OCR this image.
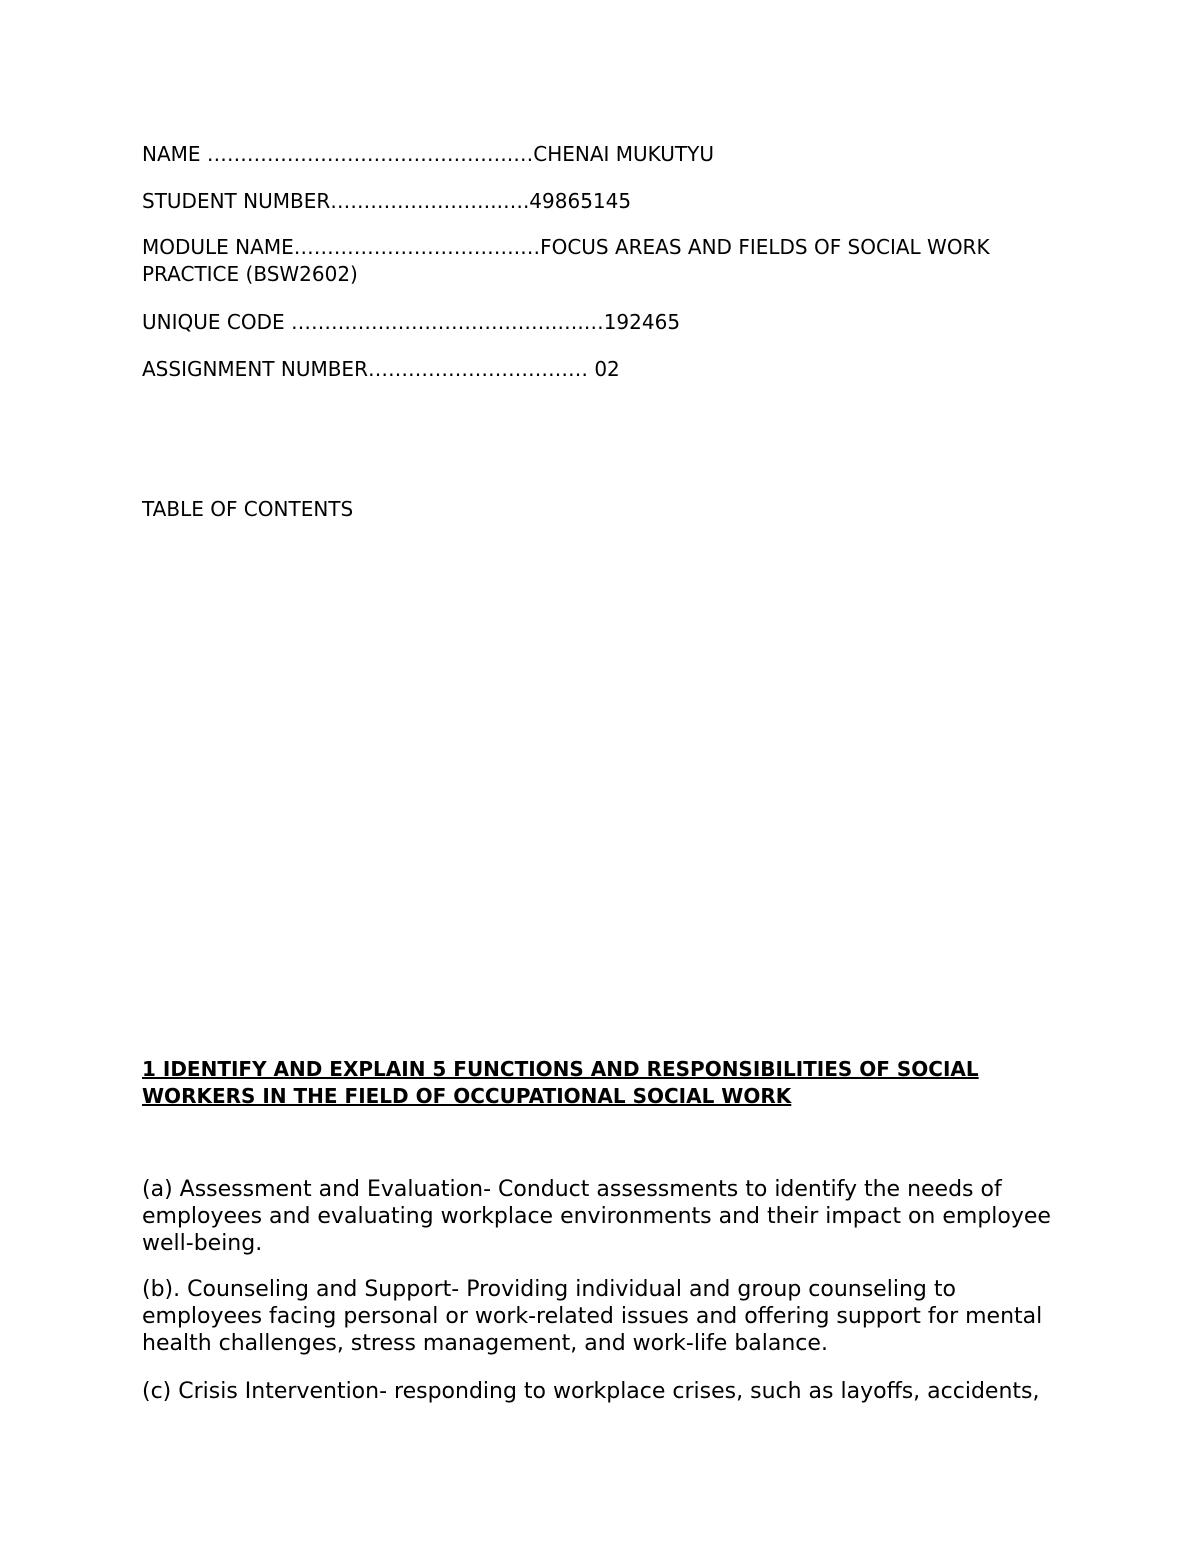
NAME ……………………………………….…CHENAI MUKUTYU

STUDENT NUMBER……………………..….49865145

MODULE NAME…………………………….…FOCUS AREAS AND FIELDS OF SOCIAL WORK PRACTICE (BSW2602)

UNIQUE CODE ………………………………….….…192465

ASSIGNMENT NUMBER…………………………… 02

TABLE OF CONTENTS

1 IDENTIFY AND EXPLAIN 5 FUNCTIONS AND RESPONSIBILITIES OF SOCIAL WORKERS IN THE FIELD OF OCCUPATIONAL SOCIAL WORK

(a) Assessment and Evaluation- Conduct assessments to identify the needs of employees and evaluating workplace environments and their impact on employee well-being.

(b). Counseling and Support- Providing individual and group counseling to employees facing personal or work-related issues and offering support for mental health challenges, stress management, and work-life balance.

(c) Crisis Intervention- responding to workplace crises, such as layoffs, accidents,
